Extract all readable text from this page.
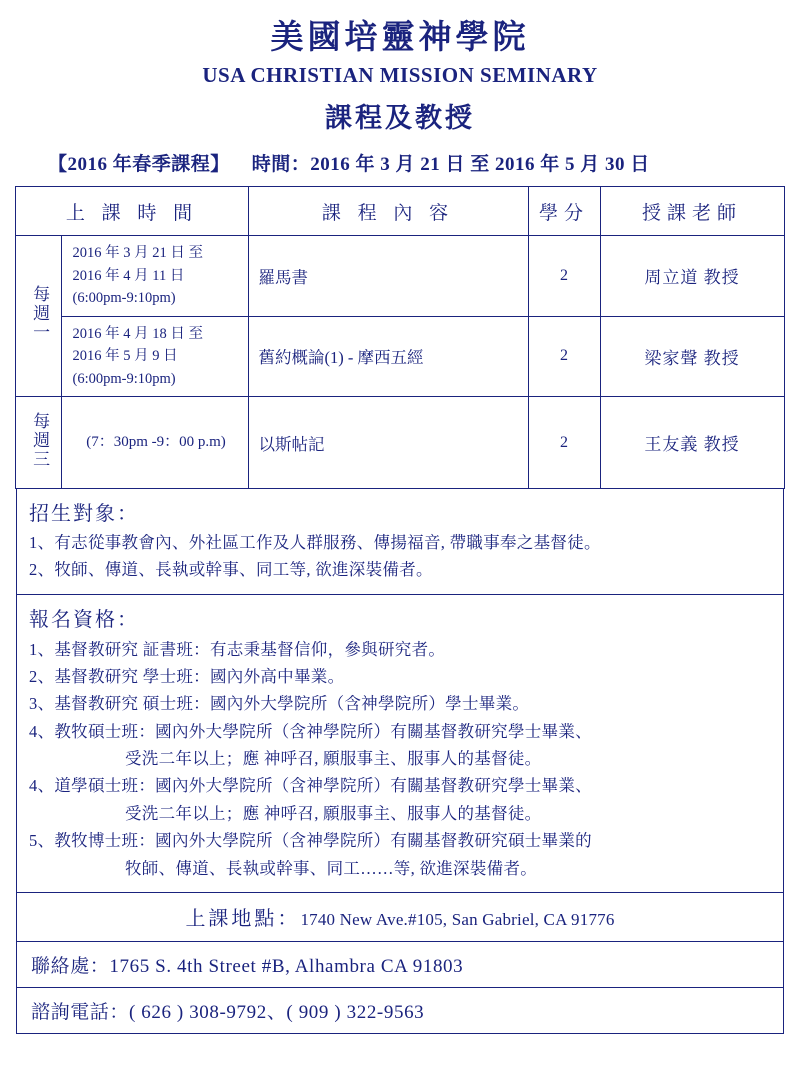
美國培靈神學院
USA CHRISTIAN MISSION SEMINARY
課程及教授
【2016 年春季課程】 時間：2016 年 3 月 21 日 至 2016 年 5 月 30 日
上 課 時 間		課 程 內 容	學分	授課老師
每週一	2016 年 3 月 21 日 至
2016 年 4 月 11 日
(6:00pm-9:10pm)	羅馬書	2	周立道 教授

	2016 年 4 月 18 日 至
2016 年 5 月 9 日
(6:00pm-9:10pm)	舊約概論(1) - 摩西五經	2	梁家聲 教授
每週三	(7：30pm -9：00 p.m)	以斯帖記	2	王友義 教授
招生對象：
1、有志從事教會內、外社區工作及人群服務、傳揚福音, 帶職事奉之基督徒。
2、牧師、傳道、長執或幹事、同工等, 欲進深裝備者。
報名資格：
1、基督教研究 証書班：有志秉基督信仰，參與研究者。
2、基督教研究 學士班：國內外高中畢業。
3、基督教研究 碩士班：國內外大學院所（含神學院所）學士畢業。
4、教牧碩士班：國內外大學院所（含神學院所）有關基督教研究學士畢業、
受洗二年以上；應 神呼召, 願服事主、服事人的基督徒。
4、道學碩士班：國內外大學院所（含神學院所）有關基督教研究學士畢業、
受洗二年以上；應 神呼召, 願服事主、服事人的基督徒。
5、教牧博士班：國內外大學院所（含神學院所）有關基督教研究碩士畢業的
牧師、傳道、長執或幹事、同工……等, 欲進深裝備者。
上課地點：1740 New Ave.#105, San Gabriel, CA 91776
聯絡處：1765 S. 4th Street #B, Alhambra CA 91803
諮詢電話：( 626 ) 308-9792、( 909 ) 322-9563
